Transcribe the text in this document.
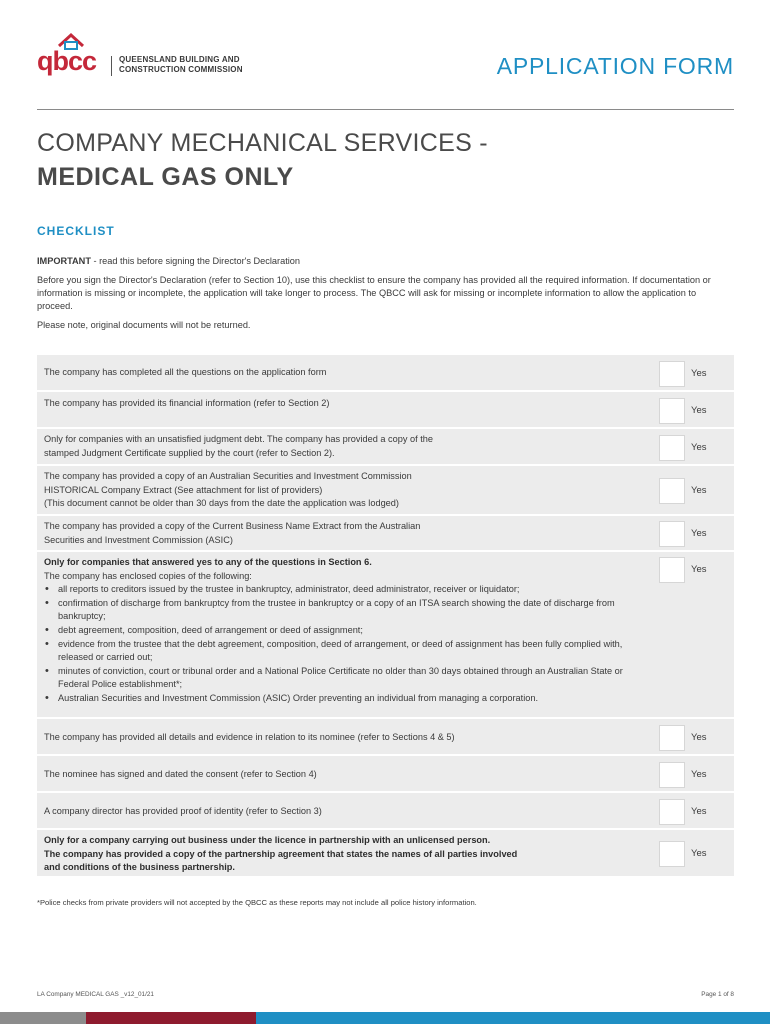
qbcc	QUEENSLAND BUILDING AND
CONSTRUCTION COMMISSION	APPLICATION FORM
COMPANY MECHANICAL SERVICES -
MEDICAL GAS ONLY
CHECKLIST

IMPORTANT - read this before signing the Director's Declaration

Before you sign the Director's Declaration (refer to Section 10), use this checklist to ensure the company has provided all the required information. If documentation or information is missing or incomplete, the application will take longer to process. The QBCC will ask for missing or incomplete information to allow the application to proceed.

Please note, original documents will not be returned.

The company has completed all the questions on the application form	Yes
The company has provided its financial information (refer to Section 2)
Yes
Only for companies with an unsatisfied judgment debt. The company has provided a copy of the
stamped Judgment Certificate supplied by the court (refer to Section 2).	Yes
The company has provided a copy of an Australian Securities and Investment Commission
HISTORICAL Company Extract (See attachment for list of providers)
(This document cannot be older than 30 days from the date the application was lodged)
Yes
The company has provided a copy of the Current Business Name Extract from the Australian
Securities and Investment Commission (ASIC)
Yes
Only for companies that answered yes to any of the questions in Section 6.
The company has enclosed copies of the following:
• all reports to creditors issued by the trustee in bankruptcy, administrator, deed administrator, receiver or liquidator;
• confirmation of discharge from bankruptcy from the trustee in bankruptcy or a copy of an ITSA search showing the date of discharge from bankruptcy;
• debt agreement, composition, deed of arrangement or deed of assignment;
• evidence from the trustee that the debt agreement, composition, deed of arrangement, or deed of assignment has been fully complied with, released or carried out;
• minutes of conviction, court or tribunal order and a National Police Certificate no older than 30 days obtained through an Australian State or Federal Police establishment*;
• Australian Securities and Investment Commission (ASIC) Order preventing an individual from managing a corporation.
Yes
The company has provided all details and evidence in relation to its nominee (refer to Sections 4 & 5)	Yes
The nominee has signed and dated the consent (refer to Section 4)	Yes
A company director has provided proof of identity (refer to Section 3)	Yes
Only for a company carrying out business under the licence in partnership with an unlicensed person.
The company has provided a copy of the partnership agreement that states the names of all parties involved
and conditions of the business partnership.
Yes
*Police checks from private providers will not accepted by the QBCC as these reports may not include all police history information.
LA Company MEDICAL GAS _v12_01/21	Page 1 of 8
